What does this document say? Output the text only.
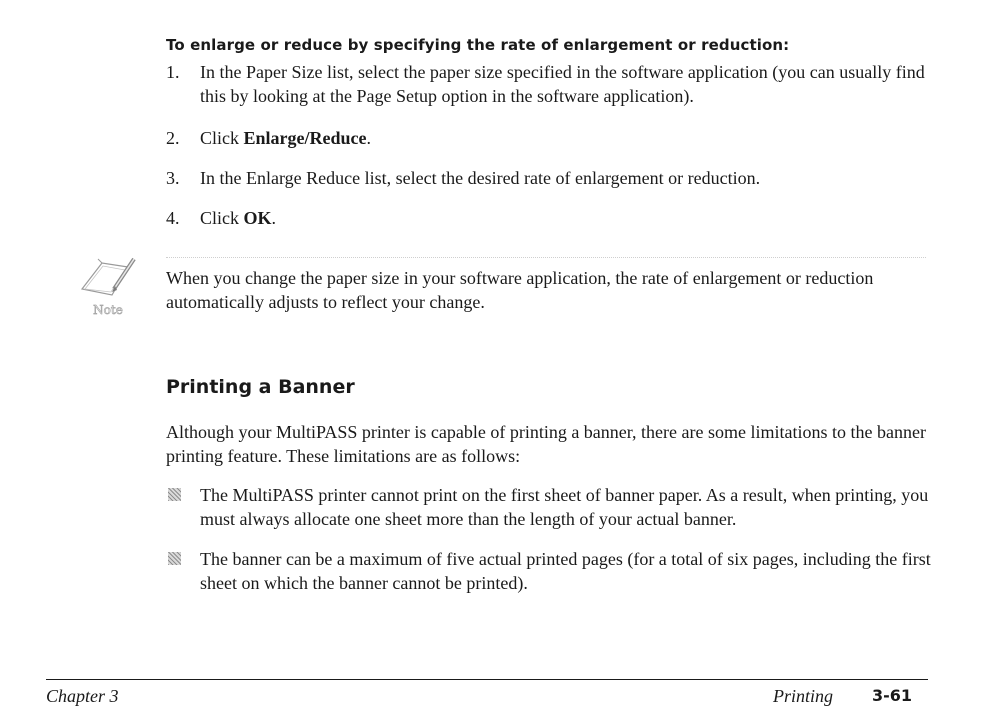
To enlarge or reduce by specifying the rate of enlargement or reduction:
1. In the Paper Size list, select the paper size specified in the software application (you can usually find this by looking at the Page Setup option in the software application).
2. Click Enlarge/Reduce.
3. In the Enlarge Reduce list, select the desired rate of enlargement or reduction.
4. Click OK.
Note

When you change the paper size in your software application, the rate of enlargement or reduction automatically adjusts to reflect your change.

Printing a Banner

Although your MultiPASS printer is capable of printing a banner, there are some limitations to the banner printing feature. These limitations are as follows:

The MultiPASS printer cannot print on the first sheet of banner paper. As a result, when printing, you must always allocate one sheet more than the length of your actual banner.
The banner can be a maximum of five actual printed pages (for a total of six pages, including the first sheet on which the banner cannot be printed).
Chapter 3	Printing 3-61
